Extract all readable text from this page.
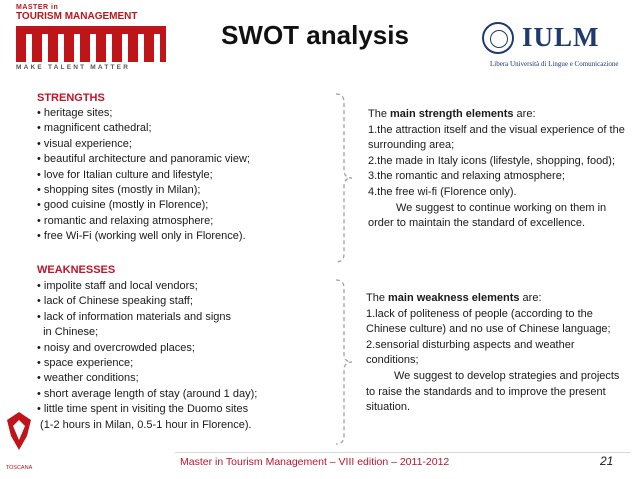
MASTER in
TOURISM MANAGEMENT
MAKE TALENT MATTER
SWOT analysis	IULM
Libera Università di Lingue e Comunicazione
STRENGTHS
• heritage sites;
• magnificent cathedral;
• visual experience;
• beautiful architecture and panoramic view;
• love for Italian culture and lifestyle;
• shopping sites (mostly in Milan);
• good cuisine (mostly in Florence);
• romantic and relaxing atmosphere;
• free Wi-Fi (working well only in Florence).
WEAKNESSES
• impolite staff and local vendors;
• lack of Chinese speaking staff;
• lack of information materials and signs
in Chinese;
• noisy and overcrowded places;
• space experience;
• weather conditions;
• short average length of stay (around 1 day);
• little time spent in visiting the Duomo sites
(1-2 hours in Milan, 0.5-1 hour in Florence).
The main strength elements are:
1.the attraction itself and the visual experience of the surrounding area;
2.the made in Italy icons (lifestyle, shopping, food);
3.the romantic and relaxing atmosphere;
4.the free wi-fi (Florence only).
We suggest to continue working on them in order to maintain the standard of excellence.
The main weakness elements are:
1.lack of politeness of people (according to the Chinese culture) and no use of Chinese language;
2.sensorial disturbing aspects and weather conditions;
We suggest to develop strategies and projects to raise the standards and to improve the present situation.
TOSCANA	Master in Tourism Management – VIII edition – 2011-2012	21
